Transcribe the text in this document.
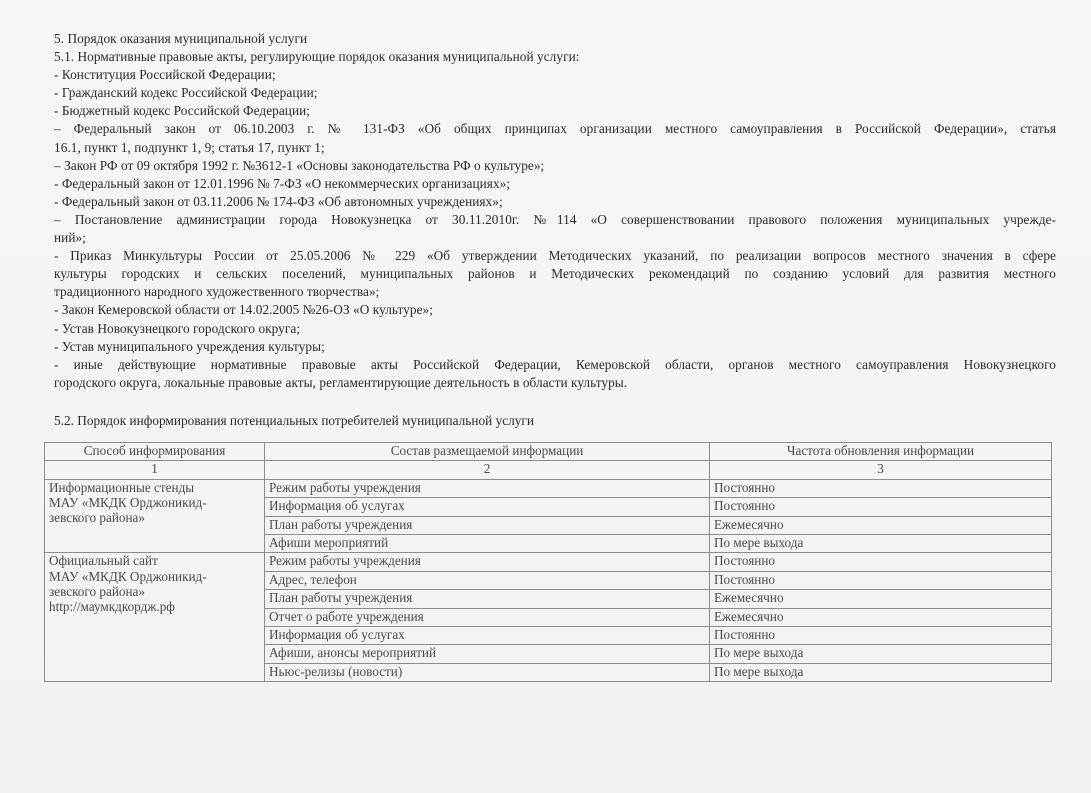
5. Порядок оказания муниципальной услуги
5.1. Нормативные правовые акты, регулирующие порядок оказания муниципальной услуги:
- Конституция Российской Федерации;
- Гражданский кодекс Российской Федерации;
- Бюджетный кодекс Российской Федерации;
– Федеральный закон от 06.10.2003 г. № 131-ФЗ «Об общих принципах организации местного самоуправления в Российской Федерации», статья
16.1, пункт 1, подпункт 1, 9; статья 17, пункт 1;
– Закон РФ от 09 октября 1992 г. №3612-1 «Основы законодательства РФ о культуре»;
- Федеральный закон от 12.01.1996 № 7-ФЗ «О некоммерческих организациях»;
- Федеральный закон от 03.11.2006 № 174-ФЗ «Об автономных учреждениях»;
– Постановление администрации города Новокузнецка от 30.11.2010г. №114 «О совершенствовании правового положения муниципальных учрежде-
ний»;
- Приказ Минкультуры России от 25.05.2006 № 229 «Об утверждении Методических указаний, по реализации вопросов местного значения в сфере
культуры городских и сельских поселений, муниципальных районов и Методических рекомендаций по созданию условий для развития местного
традиционного народного художественного творчества»;
- Закон Кемеровской области от 14.02.2005 №26-ОЗ «О культуре»;
- Устав Новокузнецкого городского округа;
- Устав муниципального учреждения культуры;
- иные действующие нормативные правовые акты Российской Федерации, Кемеровской области, органов местного самоуправления Новокузнецкого
городского округа, локальные правовые акты, регламентирующие деятельность в области культуры.
5.2. Порядок информирования потенциальных потребителей муниципальной услуги
Способ информирования	Состав размещаемой информации	Частота обновления информации
1	2	3

Информационные стенды
МАУ «МКДК Орджоникид-
зевского района»	Режим работы учреждения	Постоянно
	Информация об услугах	Постоянно
	План работы учреждения	Ежемесячно
	Афиши мероприятий	По мере выхода

Официальный сайт
МАУ «МКДК Орджоникид-
зевского района»
http://маумкдкордж.рф	Режим работы учреждения	Постоянно
	Адрес, телефон	Постоянно
	План работы учреждения	Ежемесячно
	Отчет о работе учреждения	Ежемесячно
	Информация об услугах	Постоянно
	Афиши, анонсы мероприятий	По мере выхода
	Ньюс-релизы (новости)	По мере выхода
